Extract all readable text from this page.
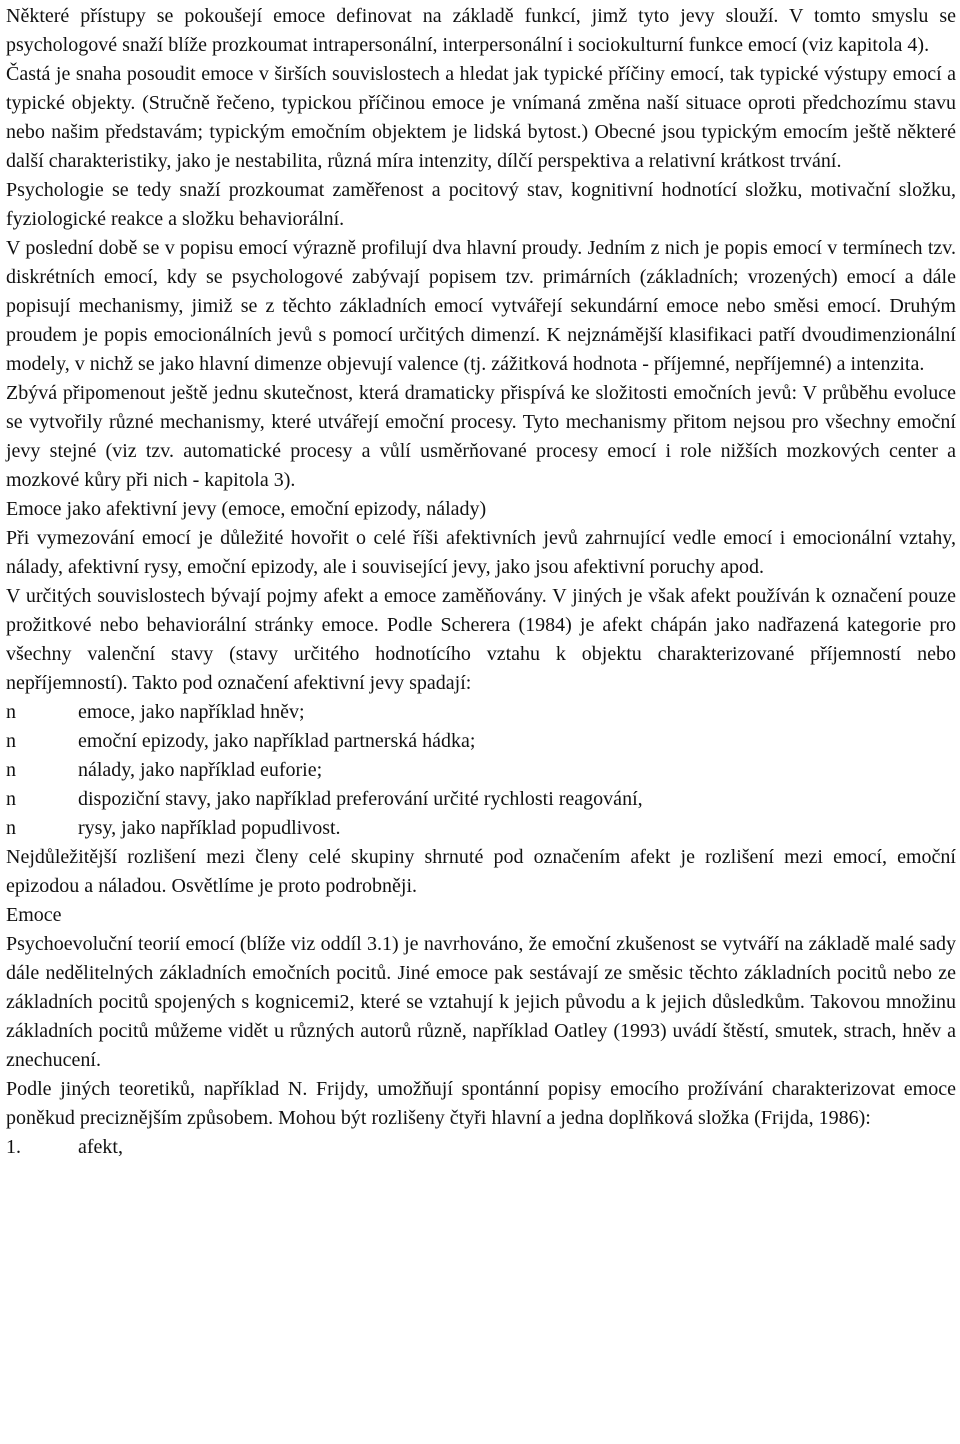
Některé přístupy se pokoušejí emoce definovat na základě funkcí, jimž tyto jevy slouží. V tomto smyslu se psychologové snaží blíže prozkoumat intrapersonální, interpersonální i sociokulturní funkce emocí (viz kapitola 4).

Častá je snaha posoudit emoce v širších souvislostech a hledat jak typické příčiny emocí, tak typické výstupy emocí a typické objekty. (Stručně řečeno, typickou příčinou emoce je vnímaná změna naší situace oproti předchozímu stavu nebo našim představám; typickým emočním objektem je lidská bytost.) Obecné jsou typickým emocím ještě některé další charakteristiky, jako je nestabilita, různá míra intenzity, dílčí perspektiva a relativní krátkost trvání.

Psychologie se tedy snaží prozkoumat zaměřenost a pocitový stav, kognitivní hodnotící složku, motivační složku, fyziologické reakce a složku behaviorální.

V poslední době se v popisu emocí výrazně profilují dva hlavní proudy. Jedním z nich je popis emocí v termínech tzv. diskrétních emocí, kdy se psychologové zabývají popisem tzv. primárních (základních; vrozených) emocí a dále popisují mechanismy, jimiž se z těchto základních emocí vytvářejí sekundární emoce nebo směsi emocí. Druhým proudem je popis emocionálních jevů s pomocí určitých dimenzí. K nejznámější klasifikaci patří dvoudimenzionální modely, v nichž se jako hlavní dimenze objevují valence (tj. zážitková hodnota - příjemné, nepříjemné) a intenzita.

Zbývá připomenout ještě jednu skutečnost, která dramaticky přispívá ke složitosti emočních jevů: V průběhu evoluce se vytvořily různé mechanismy, které utvářejí emoční procesy. Tyto mechanismy přitom nejsou pro všechny emoční jevy stejné (viz tzv. automatické procesy a vůlí usměrňované procesy emocí i role nižších mozkových center a mozkové kůry při nich - kapitola 3).

Emoce jako afektivní jevy (emoce, emoční epizody, nálady)

Při vymezování emocí je důležité hovořit o celé říši afektivních jevů zahrnující vedle emocí i emocionální vztahy, nálady, afektivní rysy, emoční epizody, ale i související jevy, jako jsou afektivní poruchy apod.

V určitých souvislostech bývají pojmy afekt a emoce zaměňovány. V jiných je však afekt používán k označení pouze prožitkové nebo behaviorální stránky emoce. Podle Scherera (1984) je afekt chápán jako nadřazená kategorie pro všechny valenční stavy (stavy určitého hodnotícího vztahu k objektu charakterizované příjemností nebo nepříjemností). Takto pod označení afektivní jevy spadají:

n	emoce, jako například hněv;
n	emoční epizody, jako například partnerská hádka;
n	nálady, jako například euforie;
n	dispoziční stavy, jako například preferování určité rychlosti reagování,
n	rysy, jako například popudlivost.

Nejdůležitější rozlišení mezi členy celé skupiny shrnuté pod označením afekt je rozlišení mezi emocí, emoční epizodou a náladou. Osvětlíme je proto podrobněji.

Emoce

Psychoevoluční teorií emocí (blíže viz oddíl 3.1) je navrhováno, že emoční zkušenost se vytváří na základě malé sady dále nedělitelných základních emočních pocitů. Jiné emoce pak sestávají ze směsic těchto základních pocitů nebo ze základních pocitů spojených s kognicemi2, které se vztahují k jejich původu a k jejich důsledkům. Takovou množinu základních pocitů můžeme vidět u různých autorů různě, například Oatley (1993) uvádí štěstí, smutek, strach, hněv a znechucení.

Podle jiných teoretiků, například N. Frijdy, umožňují spontánní popisy emocího prožívání charakterizovat emoce poněkud preciznějším způsobem. Mohou být rozlišeny čtyři hlavní a jedna doplňková složka (Frijda, 1986):

1.	afekt,
